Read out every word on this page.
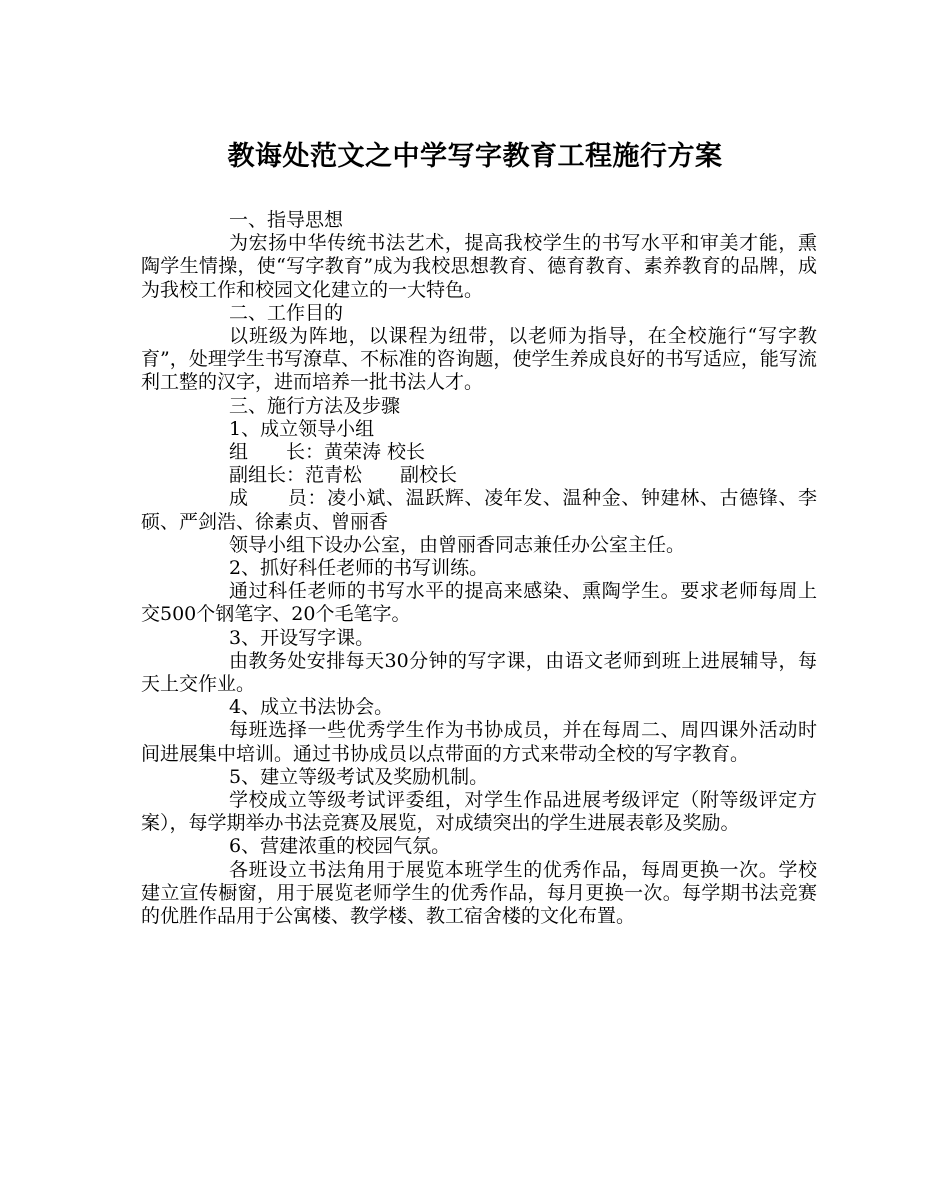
教诲处范文之中学写字教育工程施行方案

一、指导思想

为宏扬中华传统书法艺术，提高我校学生的书写水平和审美才能，熏陶学生情操，使“写字教育”成为我校思想教育、德育教育、素养教育的品牌，成为我校工作和校园文化建立的一大特色。

二、工作目的

以班级为阵地，以课程为纽带，以老师为指导，在全校施行“写字教育”，处理学生书写潦草、不标准的咨询题，使学生养成良好的书写适应，能写流利工整的汉字，进而培养一批书法人才。

三、施行方法及步骤

1、成立领导小组

组　　长：黄荣涛 校长

副组长：范青松　　副校长

成　　员：凌小斌、温跃辉、凌年发、温种金、钟建林、古德锋、李　　硕、严剑浩、徐素贞、曾丽香

领导小组下设办公室，由曾丽香同志兼任办公室主任。

2、抓好科任老师的书写训练。

通过科任老师的书写水平的提高来感染、熏陶学生。要求老师每周上交500个钢笔字、20个毛笔字。

3、开设写字课。

由教务处安排每天30分钟的写字课，由语文老师到班上进展辅导，每天上交作业。

4、成立书法协会。

每班选择一些优秀学生作为书协成员，并在每周二、周四课外活动时间进展集中培训。通过书协成员以点带面的方式来带动全校的写字教育。

5、建立等级考试及奖励机制。

学校成立等级考试评委组，对学生作品进展考级评定（附等级评定方案），每学期举办书法竞赛及展览，对成绩突出的学生进展表彰及奖励。

6、营建浓重的校园气氛。

各班设立书法角用于展览本班学生的优秀作品，每周更换一次。学校建立宣传橱窗，用于展览老师学生的优秀作品，每月更换一次。每学期书法竞赛的优胜作品用于公寓楼、教学楼、教工宿舍楼的文化布置。
